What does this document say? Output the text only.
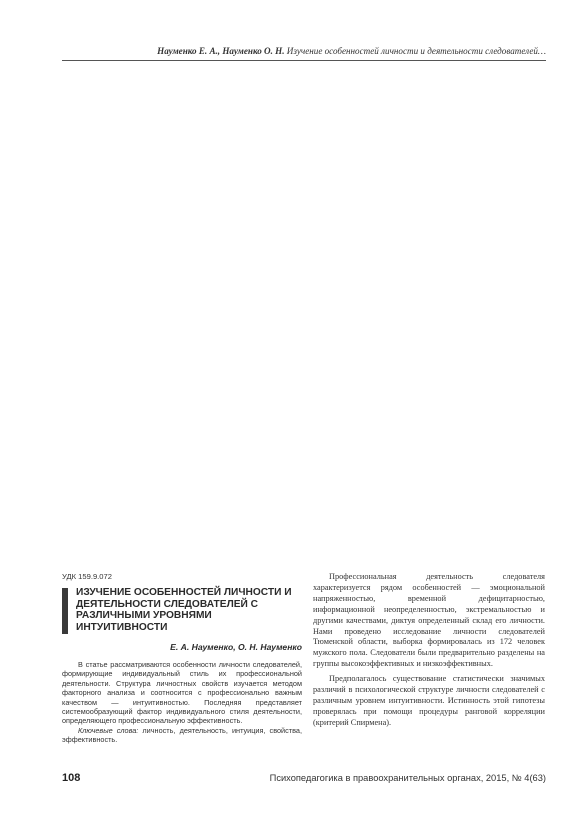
Науменко Е. А., Науменко О. Н. Изучение особенностей личности и деятельности следователей…
УДК 159.9.072
ИЗУЧЕНИЕ ОСОБЕННОСТЕЙ ЛИЧНОСТИ И ДЕЯТЕЛЬНОСТИ СЛЕДОВАТЕЛЕЙ С РАЗЛИЧНЫМИ УРОВНЯМИ ИНТУИТИВНОСТИ
Е. А. Науменко, О. Н. Науменко

В статье рассматриваются особенности личности следователей, формирующие индивидуальный стиль их профессиональной деятельности. Структура личностных свойств изучается методом факторного анализа и соотносится с профессионально важным качеством — интуитивностью. Последняя представляет системообразующий фактор индивидуального стиля деятельности, определяющего профессиональную эффективность.

Ключевые слова: личность, деятельность, интуиция, свойства, эффективность.

Профессиональная деятельность следователя характеризуется рядом особенностей — эмоциональной напряженностью, временной дефицитарностью, информационной неопределенностью, экстремальностью и другими качествами, диктуя определенный склад его личности. Нами проведено исследование личности следователей Тюменской области, выборка формировалась из 172 человек мужского пола. Следователи были предварительно разделены на группы высокоэффективных и низкоэффективных.

Предполагалось существование статистически значимых различий в психологической структуре личности следователей с различным уровнем интуитивности. Истинность этой гипотезы проверялась при помощи процедуры ранговой корреляции (критерий Спирмена).

108	Психопедагогика в правоохранительных органах, 2015, № 4(63)
